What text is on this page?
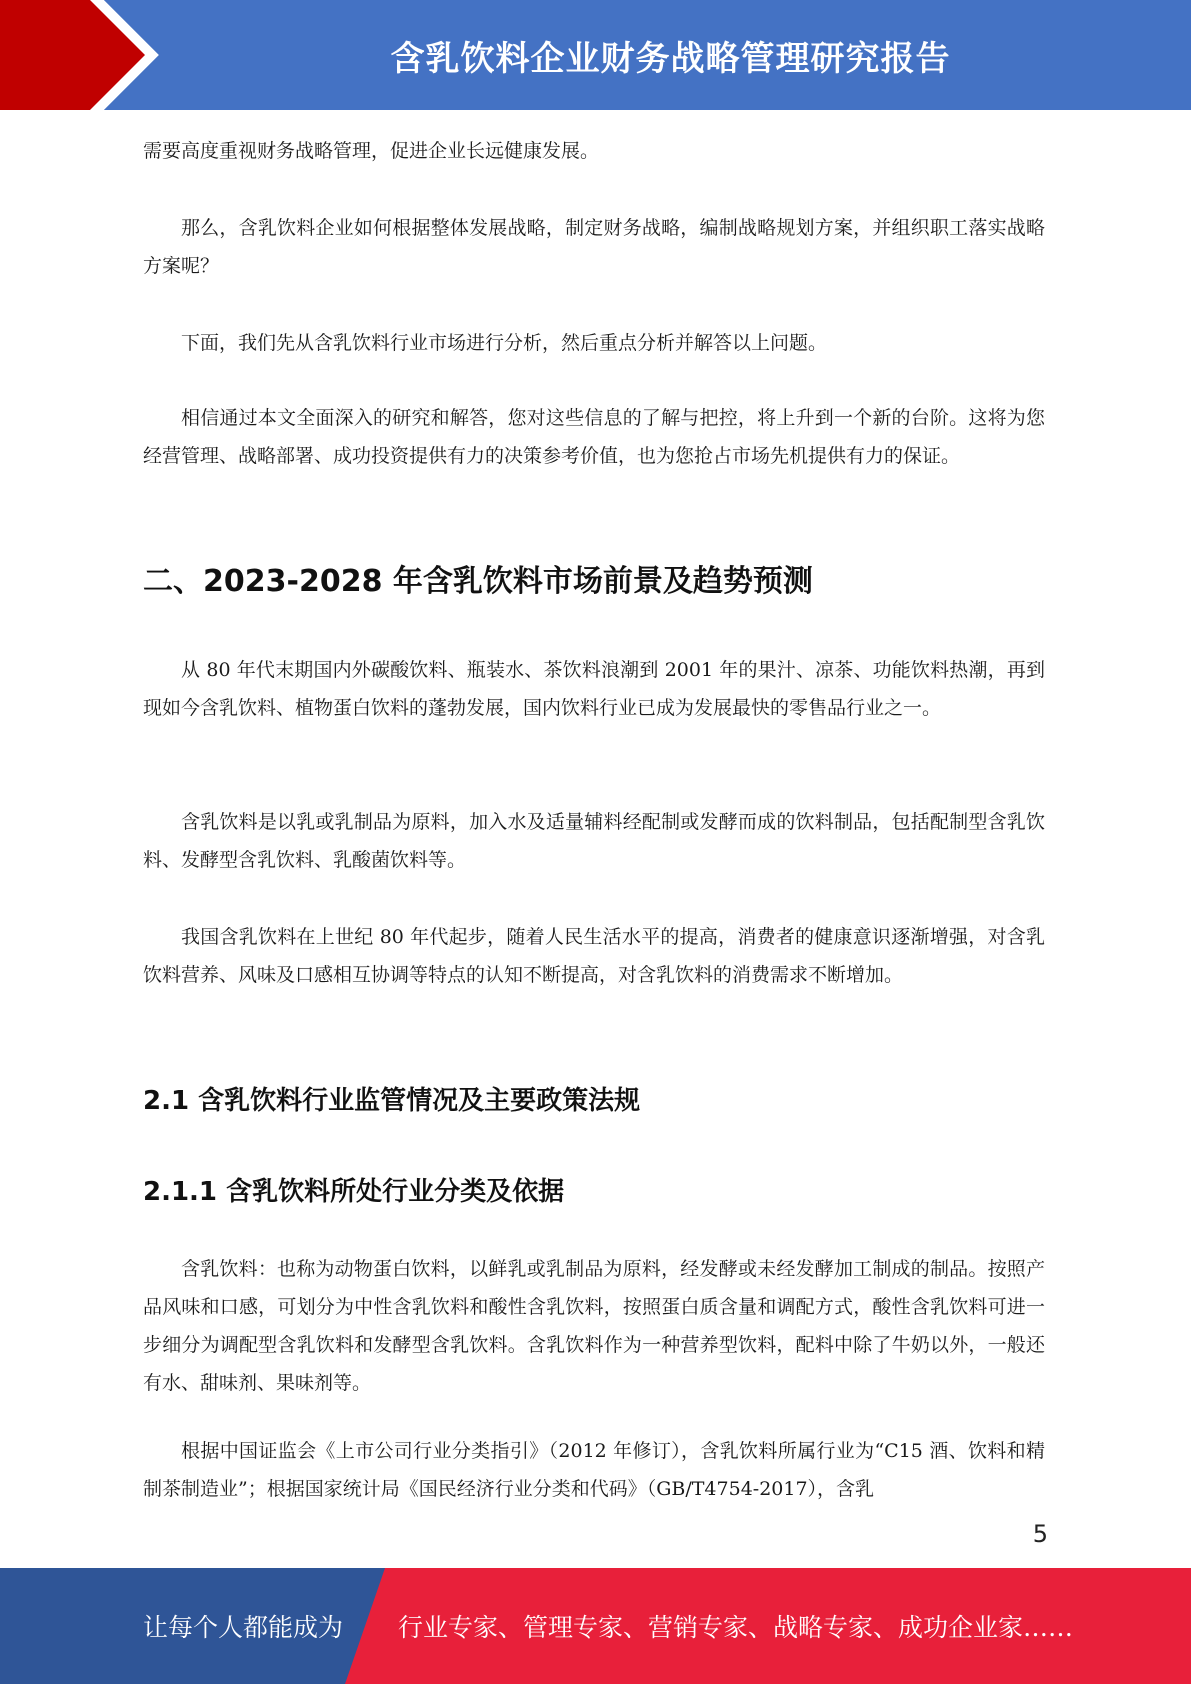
含乳饮料企业财务战略管理研究报告

需要高度重视财务战略管理，促进企业长远健康发展。

那么，含乳饮料企业如何根据整体发展战略，制定财务战略，编制战略规划方案，并组织职工落实战略方案呢？

下面，我们先从含乳饮料行业市场进行分析，然后重点分析并解答以上问题。

相信通过本文全面深入的研究和解答，您对这些信息的了解与把控，将上升到一个新的台阶。这将为您经营管理、战略部署、成功投资提供有力的决策参考价值，也为您抢占市场先机提供有力的保证。

二、2023-2028 年含乳饮料市场前景及趋势预测

从 80 年代末期国内外碳酸饮料、瓶装水、茶饮料浪潮到 2001 年的果汁、凉茶、功能饮料热潮，再到现如今含乳饮料、植物蛋白饮料的蓬勃发展，国内饮料行业已成为发展最快的零售品行业之一。

含乳饮料是以乳或乳制品为原料，加入水及适量辅料经配制或发酵而成的饮料制品，包括配制型含乳饮料、发酵型含乳饮料、乳酸菌饮料等。

我国含乳饮料在上世纪 80 年代起步，随着人民生活水平的提高，消费者的健康意识逐渐增强，对含乳饮料营养、风味及口感相互协调等特点的认知不断提高，对含乳饮料的消费需求不断增加。

2.1 含乳饮料行业监管情况及主要政策法规
2.1.1 含乳饮料所处行业分类及依据

含乳饮料：也称为动物蛋白饮料，以鲜乳或乳制品为原料，经发酵或未经发酵加工制成的制品。按照产品风味和口感，可划分为中性含乳饮料和酸性含乳饮料，按照蛋白质含量和调配方式，酸性含乳饮料可进一步细分为调配型含乳饮料和发酵型含乳饮料。含乳饮料作为一种营养型饮料，配料中除了牛奶以外，一般还有水、甜味剂、果味剂等。

根据中国证监会《上市公司行业分类指引》（2012 年修订），含乳饮料所属行业为“C15 酒、饮料和精制茶制造业”；根据国家统计局《国民经济行业分类和代码》（GB/T4754-2017），含乳

5
让每个人都能成为 行业专家、管理专家、营销专家、战略专家、成功企业家……
